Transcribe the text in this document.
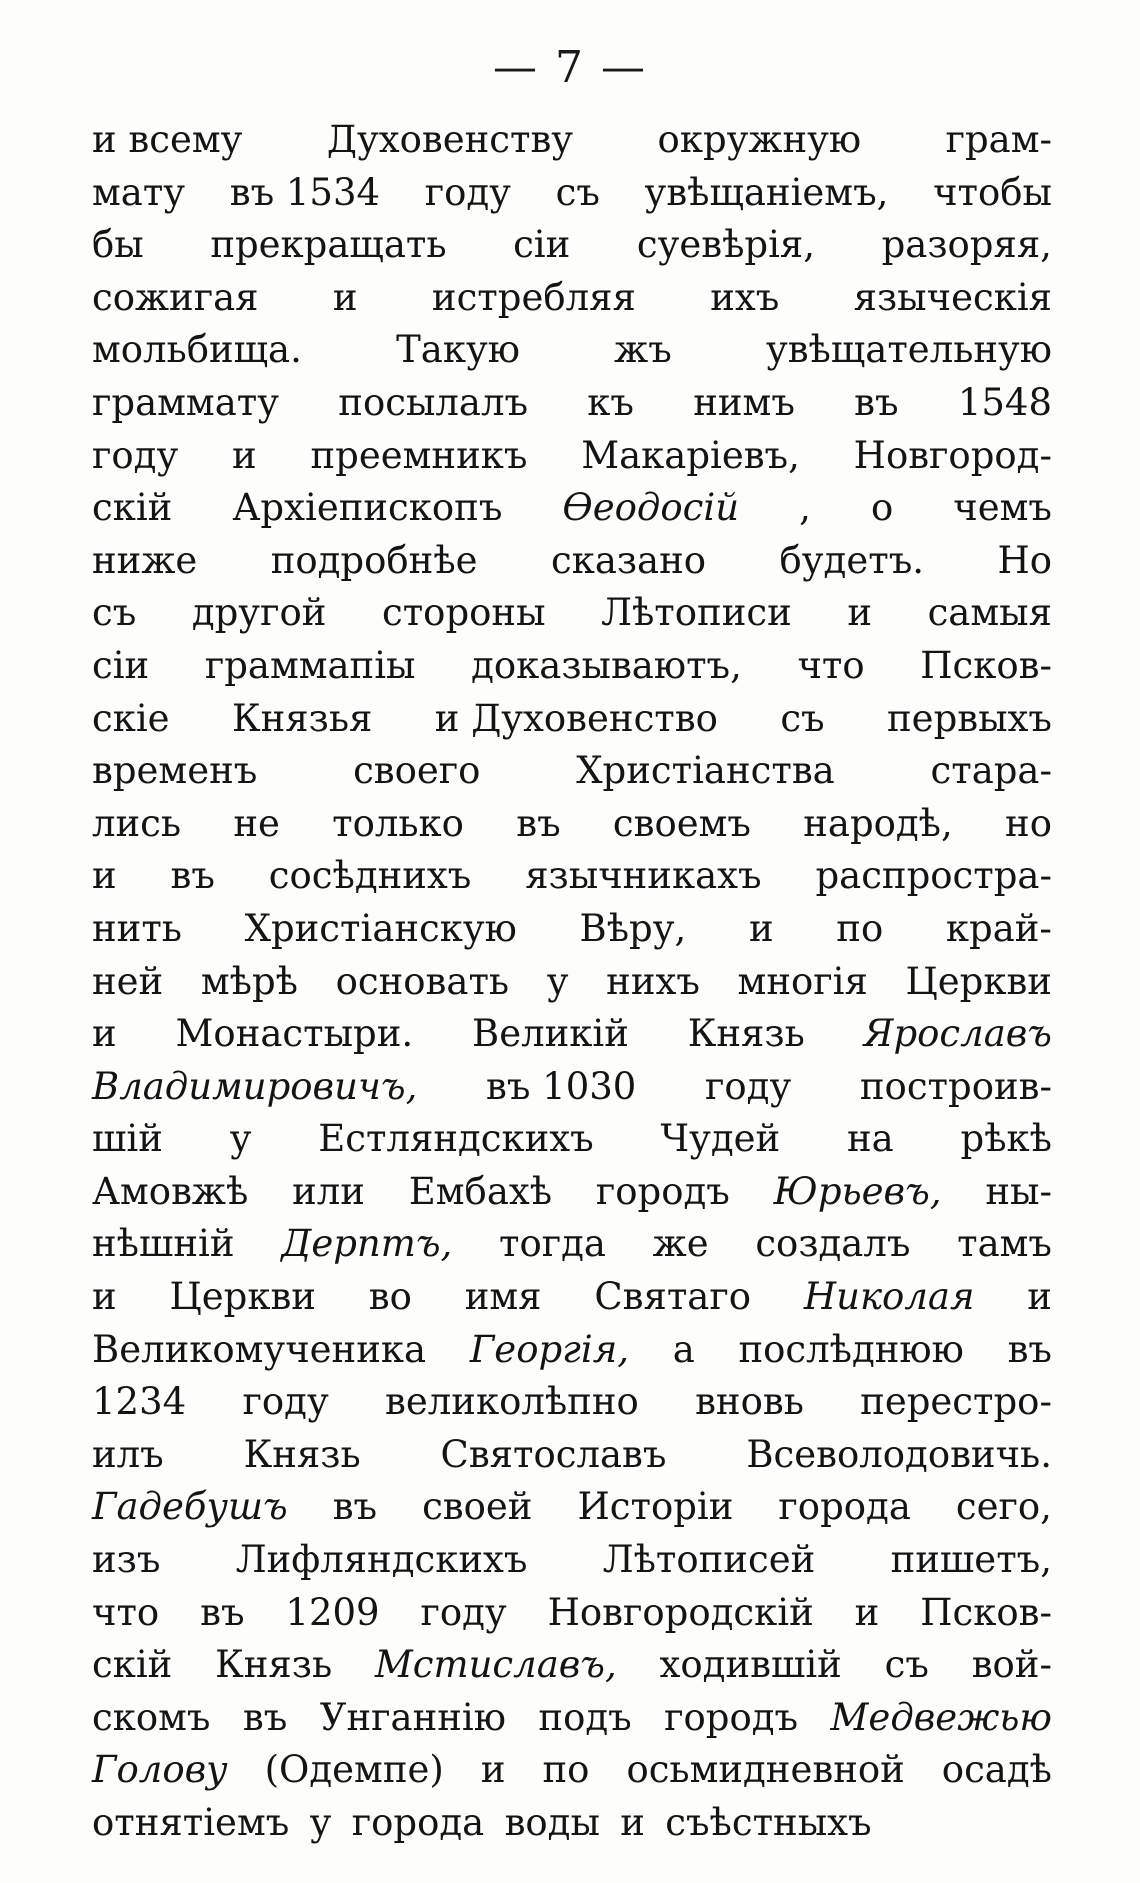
— 7 —
и всему Духовенству окружную грам-
мату въ 1534 году съ увѣщаніемъ, чтобы
бы прекращать сіи суевѣрія, разоряя,
сожигая и истребляя ихъ языческія
мольбища.	Такую	жъ	увѣщательную
граммату посылалъ къ нимъ въ 1548
году и преемникъ Макаріевъ, Новгород-
скій Архіепископъ Ѳеодосій , о чемъ
ниже подробнѣе сказано будетъ. Но
съ другой стороны Лѣтописи и самыя
сіи граммапіы доказываютъ, что Псков-
скіе Князья и Духовенство съ первыхъ
временъ	своего	Христіанства	стара-
лись не только въ своемъ народѣ, но
и въ сосѣднихъ язычникахъ распростра-
нить Христіанскую Вѣру, и по край-
ней мѣрѣ основать у нихъ многія Церкви
и Монастыри. Великій Князь Ярославъ
Владимировичъ, въ 1030 году построив-
шій у Естляндскихъ Чудей на рѣкѣ
Амовжѣ или Ембахѣ городъ Юрьевъ, ны-
нѣшній Дерптъ, тогда же создалъ тамъ
и Церкви во имя Святаго Николая и
Великомученика Георгія, а послѣднюю въ
1234 году великолѣпно вновь перестро-
илъ Князь Святославъ Всеволодовичь.
Гадебушъ въ своей Исторіи города сего,
изъ Лифляндскихъ Лѣтописей пишетъ,
что въ 1209 году Новгородскій и Псков-
скій Князь Мстиславъ, ходившій съ вой-
скомъ въ Унганнію подъ городъ Медвежью
Голову (Одемпе) и по осьмидневной осадѣ
отнятіемъ у города воды и съѣстныхъ
